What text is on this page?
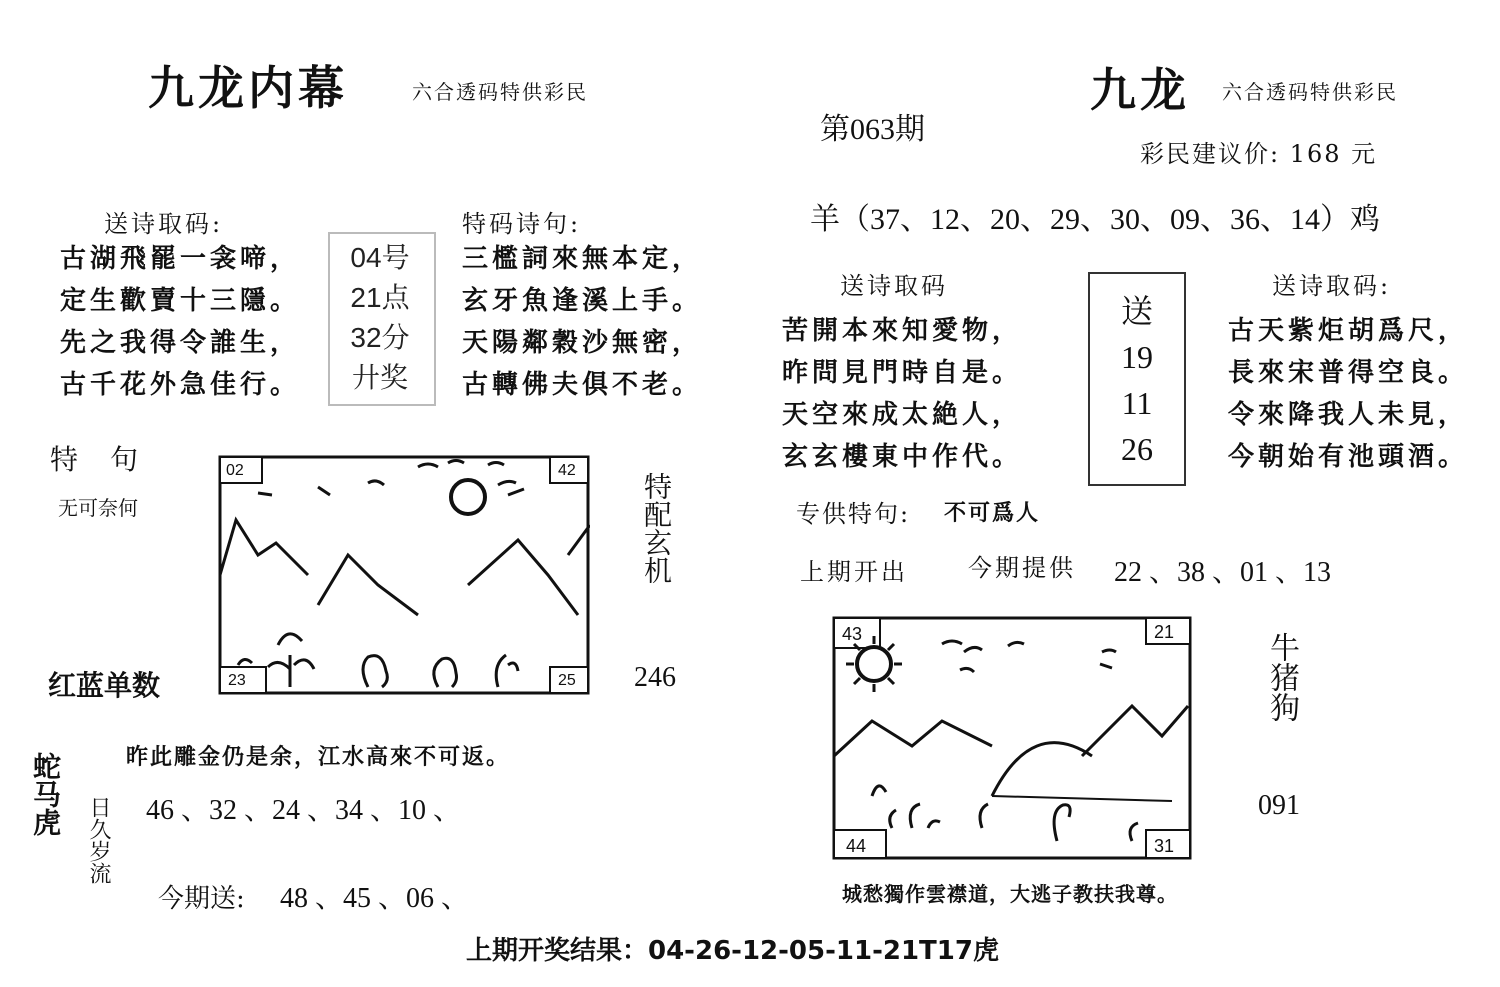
九龙内幕	六合透码特供彩民
送诗取码:
古湖飛罷一衾啼，
定生歡賣十三隱。
先之我得令誰生，
古千花外急佳行。
04号
21点
32分
廾奖
特码诗句:
三檻詞來無本定，
玄牙魚逢溪上手。
天陽鄰穀沙無密，
古轉佛夫俱不老。
特　句
无可奈何
02	42
23	25
特配玄机
红蓝单数	246
昨此雕金仍是余，江水高來不可返。
蛇马虎
日久岁流 46 、32 、24 、34 、10 、
今期送: 48 、45 、06 、
第063期
九龙 六合透码特供彩民
彩民建议价: 168 元
羊（37、12、20、29、30、09、36、14）鸡
送诗取码
苦開本來知愛物，
昨問見門時自是。
天空來成太絶人，
玄玄樓東中作代。
送
19
11
26
送诗取码:
古天紫炬胡爲尺，
長來宋普得空良。
令來降我人未見，
今朝始有池頭酒。
专供特句: 不可爲人
上期开出	今期提供 22 、38 、01 、13
43	21
44	31
牛猪狗
091
城愁獨作雲襟道，大逃子教扶我尊。
上期开奖结果：04-26-12-05-11-21T17虎
